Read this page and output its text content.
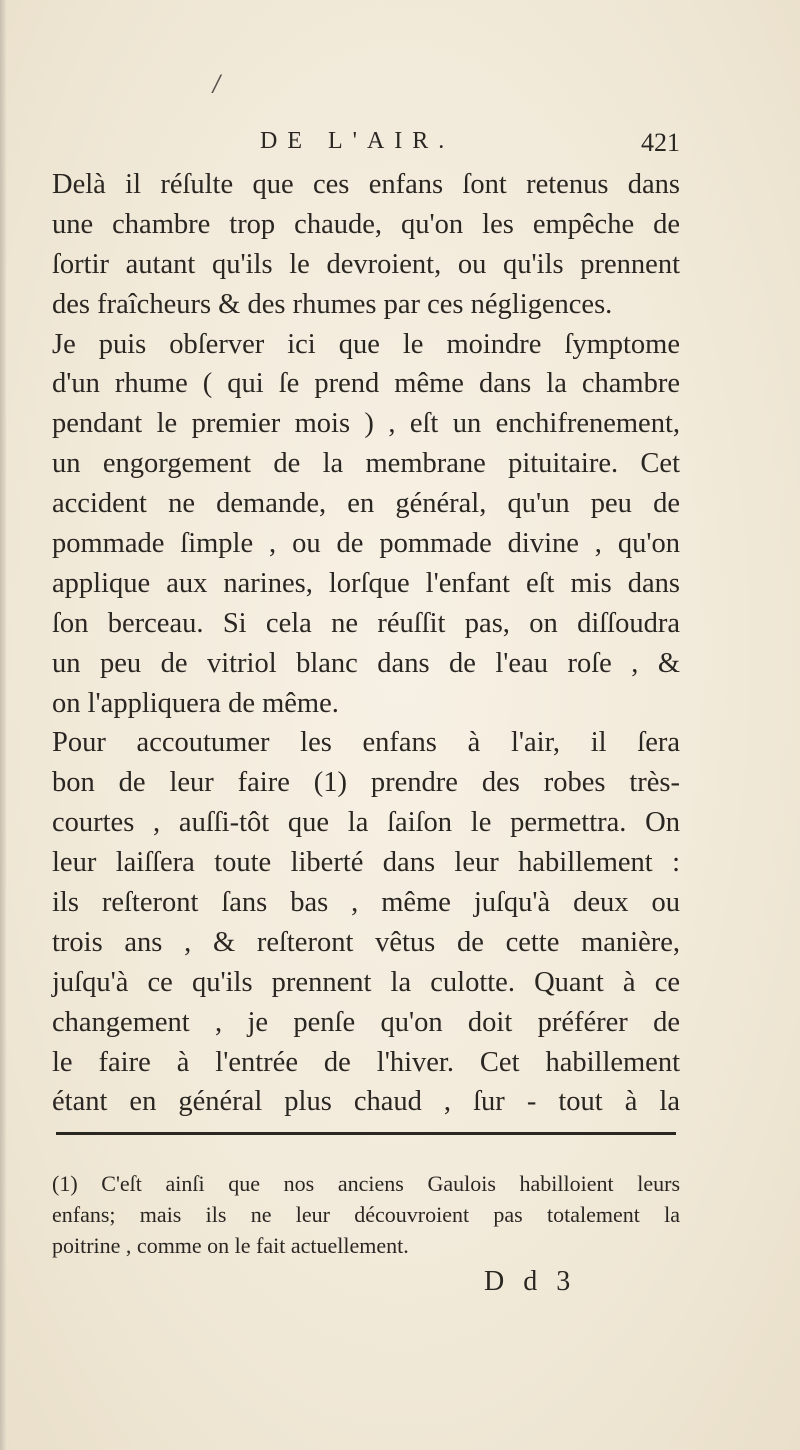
/
DE L'AIR.	421
Delà il réſulte que ces enfans ſont retenus dans
une chambre trop chaude, qu'on les empêche de
ſortir autant qu'ils le devroient, ou qu'ils prennent
des fraîcheurs & des rhumes par ces négligences.
Je puis obſerver ici que le moindre ſymptome
d'un rhume ( qui ſe prend même dans la chambre
pendant le premier mois ) , eſt un enchifrenement,
un engorgement de la membrane pituitaire. Cet
accident ne demande, en général, qu'un peu de
pommade ſimple , ou de pommade divine , qu'on
applique aux narines, lorſque l'enfant eſt mis dans
ſon berceau. Si cela ne réuſſit pas, on diſſoudra
un peu de vitriol blanc dans de l'eau roſe , &
on l'appliquera de même.
Pour accoutumer les enfans à l'air, il ſera
bon de leur faire (1) prendre des robes très-
courtes , auſſi-tôt que la ſaiſon le permettra. On
leur laiſſera toute liberté dans leur habillement :
ils reſteront ſans bas , même juſqu'à deux ou
trois ans , & reſteront vêtus de cette manière,
juſqu'à ce qu'ils prennent la culotte. Quant à ce
changement , je penſe qu'on doit préférer de
le faire à l'entrée de l'hiver. Cet habillement
étant en général plus chaud , ſur - tout à la
(1) C'eſt ainſi que nos anciens Gaulois habilloient leurs
enfans; mais ils ne leur découvroient pas totalement la
poitrine , comme on le fait actuellement.
D d 3
